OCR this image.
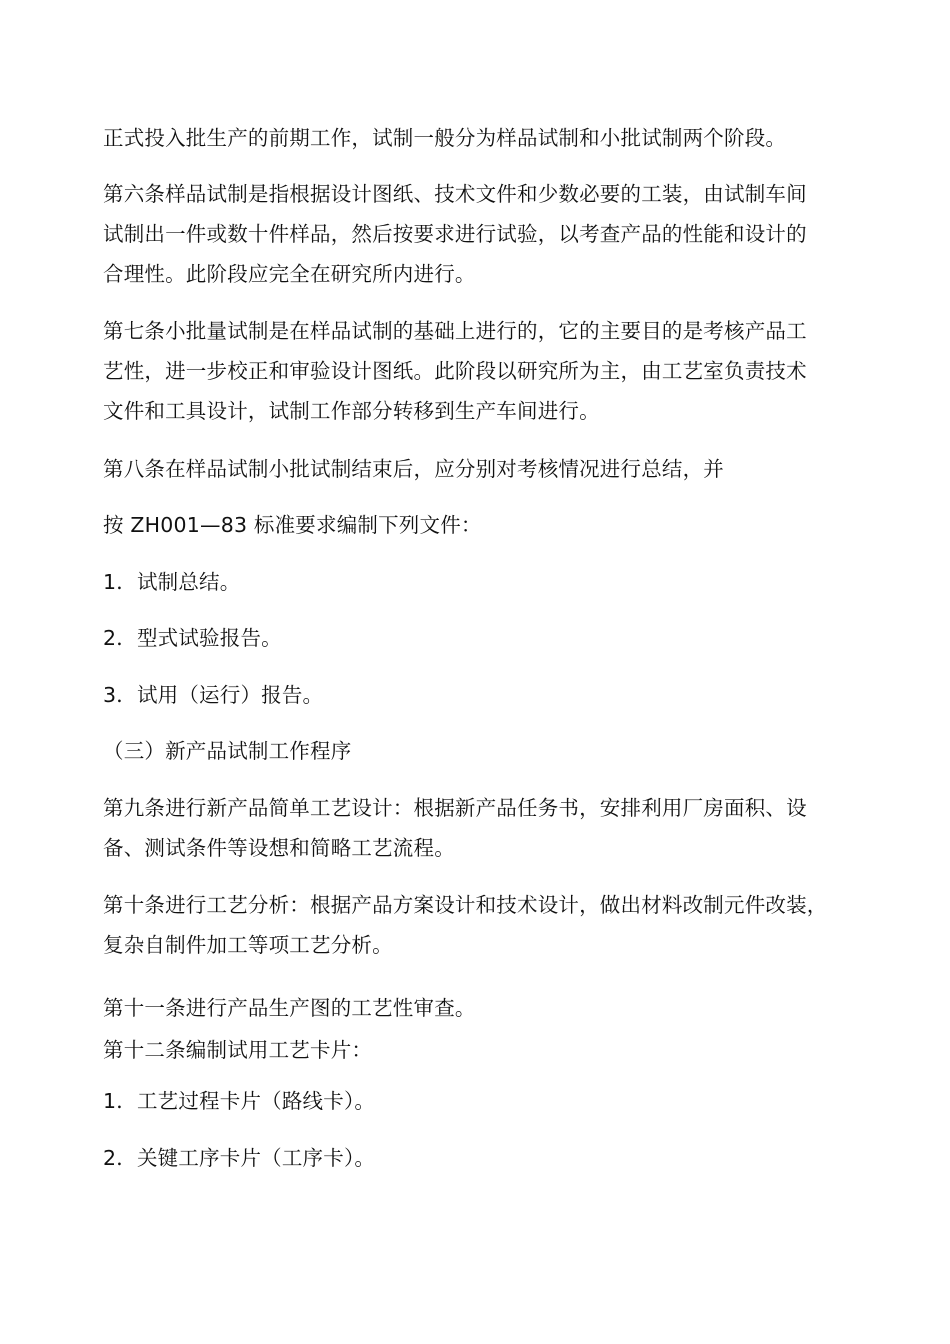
正式投入批生产的前期工作，试制一般分为样品试制和小批试制两个阶段。

第六条样品试制是指根据设计图纸、技术文件和少数必要的工装，由试制车间
试制出一件或数十件样品，然后按要求进行试验，以考查产品的性能和设计的
合理性。此阶段应完全在研究所内进行。

第七条小批量试制是在样品试制的基础上进行的，它的主要目的是考核产品工
艺性，进一步校正和审验设计图纸。此阶段以研究所为主，由工艺室负责技术
文件和工具设计，试制工作部分转移到生产车间进行。

第八条在样品试制小批试制结束后，应分别对考核情况进行总结，并

按 ZH001—83 标准要求编制下列文件：

1．试制总结。

2．型式试验报告。

3．试用（运行）报告。

（三）新产品试制工作程序

第九条进行新产品简单工艺设计：根据新产品任务书，安排利用厂房面积、设
备、测试条件等设想和简略工艺流程。

第十条进行工艺分析：根据产品方案设计和技术设计，做出材料改制元件改装，
复杂自制件加工等项工艺分析。

第十一条进行产品生产图的工艺性审查。

第十二条编制试用工艺卡片：

1．工艺过程卡片（路线卡）。

2．关键工序卡片（工序卡）。
